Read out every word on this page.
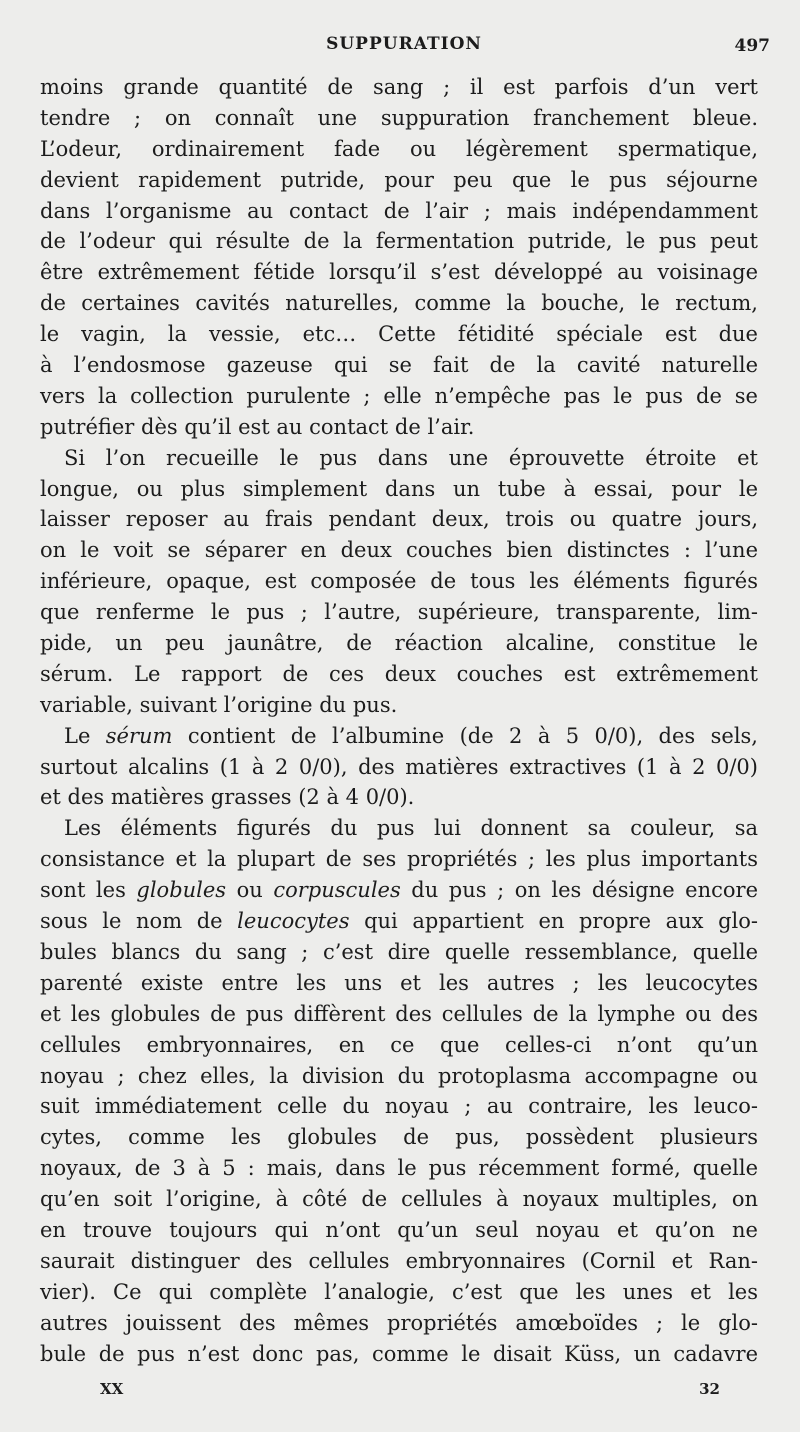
SUPPURATION	497
moins grande quantité de sang ; il est parfois d’un vert
tendre ; on connaît une suppuration franchement bleue.
L’odeur, ordinairement fade ou légèrement spermatique,
devient rapidement putride, pour peu que le pus séjourne
dans l’organisme au contact de l’air ; mais indépendamment
de l’odeur qui résulte de la fermentation putride, le pus peut
être extrêmement fétide lorsqu’il s’est développé au voisinage
de certaines cavités naturelles, comme la bouche, le rectum,
le vagin, la vessie, etc… Cette fétidité spéciale est due
à l’endosmose gazeuse qui se fait de la cavité naturelle
vers la collection purulente ; elle n’empêche pas le pus de se
putréfier dès qu’il est au contact de l’air.
Si l’on recueille le pus dans une éprouvette étroite et
longue, ou plus simplement dans un tube à essai, pour le
laisser reposer au frais pendant deux, trois ou quatre jours,
on le voit se séparer en deux couches bien distinctes : l’une
inférieure, opaque, est composée de tous les éléments figurés
que renferme le pus ; l’autre, supérieure, transparente, lim-
pide, un peu jaunâtre, de réaction alcaline, constitue le
sérum. Le rapport de ces deux couches est extrêmement
variable, suivant l’origine du pus.
Le sérum contient de l’albumine (de 2 à 5 0/0), des sels,
surtout alcalins (1 à 2 0/0), des matières extractives (1 à 2 0/0)
et des matières grasses (2 à 4 0/0).
Les éléments figurés du pus lui donnent sa couleur, sa
consistance et la plupart de ses propriétés ; les plus importants
sont les globules ou corpuscules du pus ; on les désigne encore
sous le nom de leucocytes qui appartient en propre aux glo-
bules blancs du sang ; c’est dire quelle ressemblance, quelle
parenté existe entre les uns et les autres ; les leucocytes
et les globules de pus diffèrent des cellules de la lymphe ou des
cellules embryonnaires, en ce que celles-ci n’ont qu’un
noyau ; chez elles, la division du protoplasma accompagne ou
suit immédiatement celle du noyau ; au contraire, les leuco-
cytes, comme les globules de pus, possèdent plusieurs
noyaux, de 3 à 5 : mais, dans le pus récemment formé, quelle
qu’en soit l’origine, à côté de cellules à noyaux multiples, on
en trouve toujours qui n’ont qu’un seul noyau et qu’on ne
saurait distinguer des cellules embryonnaires (Cornil et Ran-
vier). Ce qui complète l’analogie, c’est que les unes et les
autres jouissent des mêmes propriétés amœboïdes ; le glo-
bule de pus n’est donc pas, comme le disait Küss, un cadavre
XX	32
